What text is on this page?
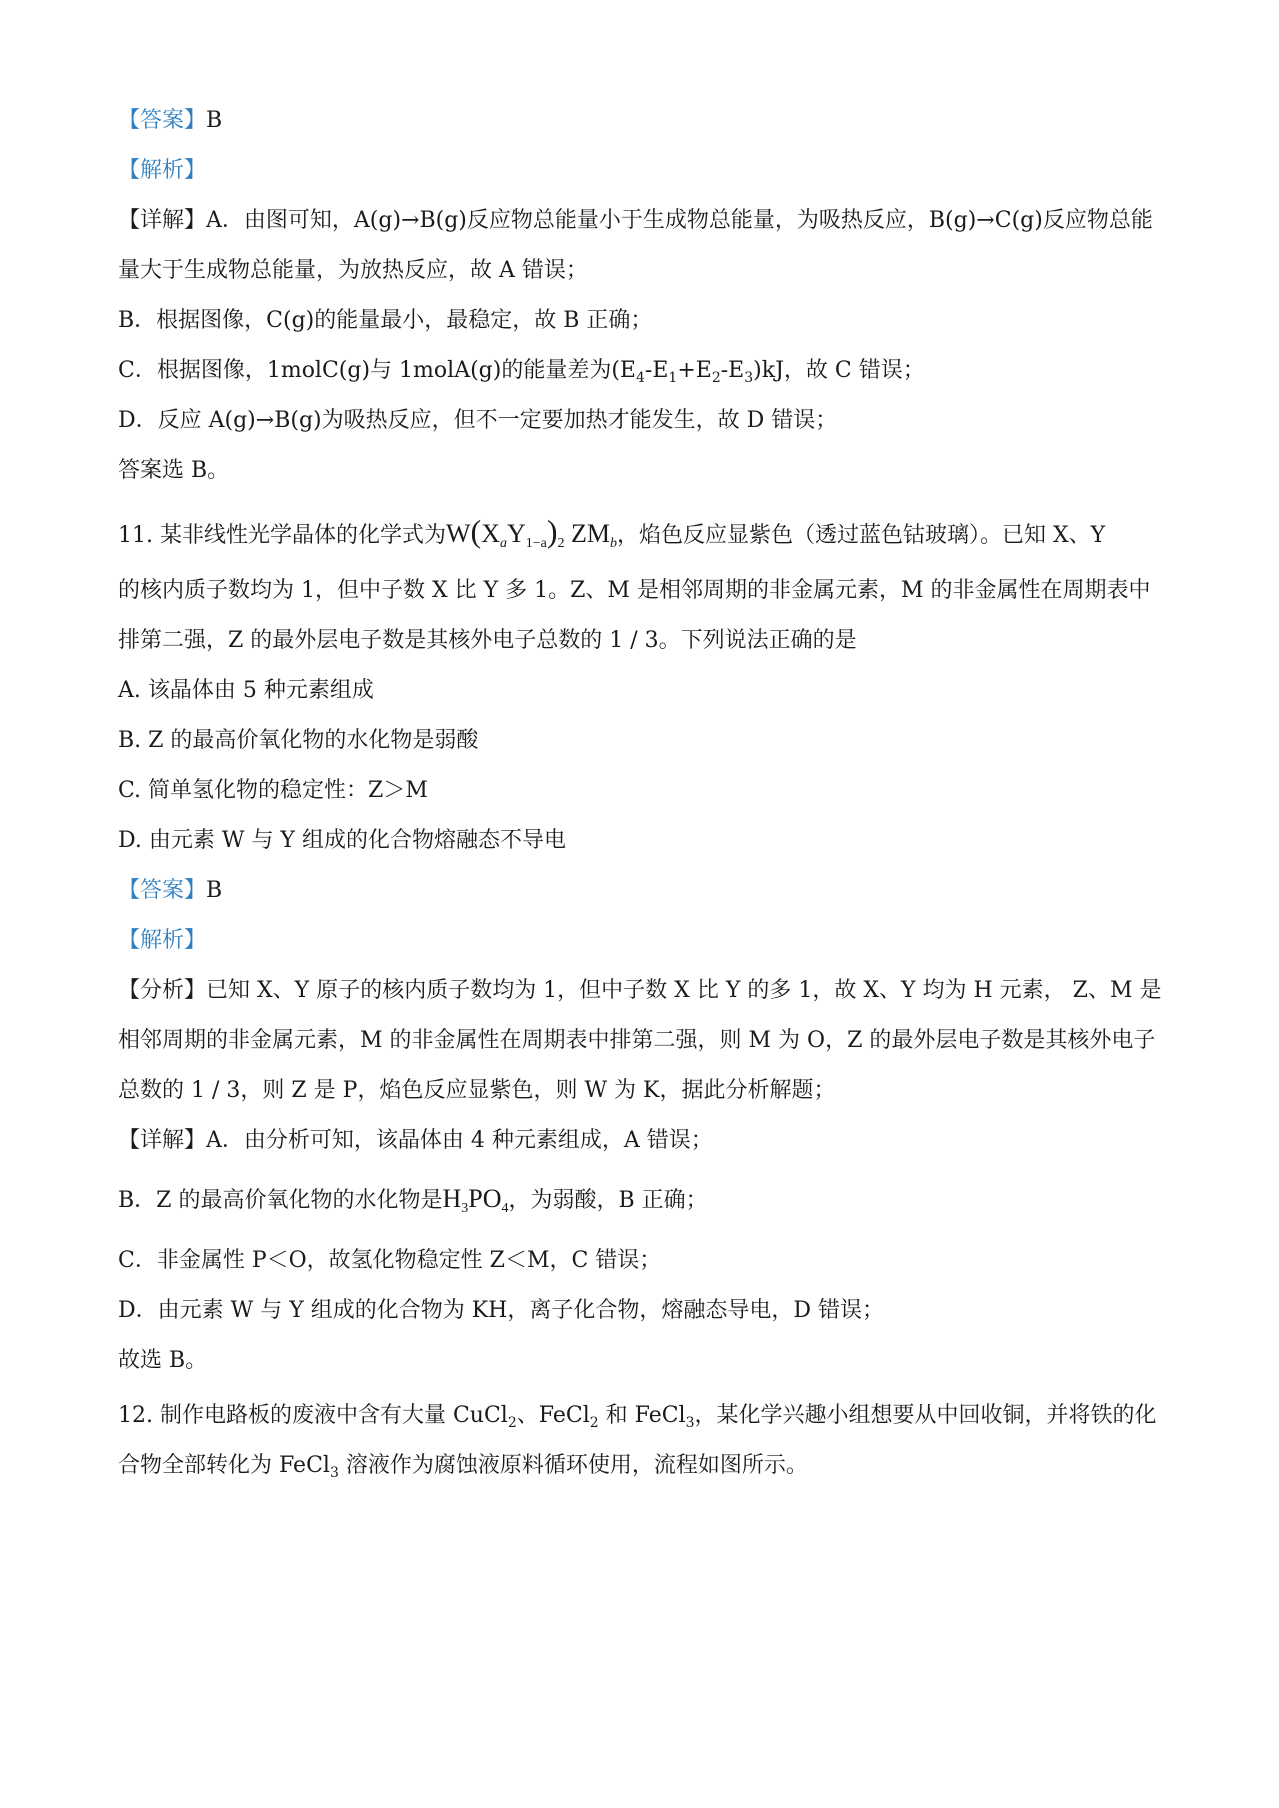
【答案】B
【解析】
【详解】A．由图可知，A(g)→B(g)反应物总能量小于生成物总能量，为吸热反应，B(g)→C(g)反应物总能
量大于生成物总能量，为放热反应，故 A 错误；
B．根据图像，C(g)的能量最小，最稳定，故 B 正确；
C．根据图像，1molC(g)与 1molA(g)的能量差为$(E_4-E_1+E_2-E_3)kJ$，故 C 错误；
D．反应 A(g)→B(g)为吸热反应，但不一定要加热才能发生，故 D 错误；
答案选 B。
11. 某非线性光学晶体的化学式为$W(X_aY_{1-a})_2$ $ZM_b$，焰色反应显紫色（透过蓝色钴玻璃）。已知 X、Y
的核内质子数均为 1，但中子数 X 比 Y 多 1。Z、M 是相邻周期的非金属元素，M 的非金属性在周期表中
排第二强，Z 的最外层电子数是其核外电子总数的 1 / 3。下列说法正确的是
A. 该晶体由 5 种元素组成
B. Z 的最高价氧化物的水化物是弱酸
C. 简单氢化物的稳定性：Z＞M
D. 由元素 W 与 Y 组成的化合物熔融态不导电
【答案】B
【解析】
【分析】已知 X、Y 原子的核内质子数均为 1，但中子数 X 比 Y 的多 1，故 X、Y 均为 H 元素， Z、M 是
相邻周期的非金属元素，M 的非金属性在周期表中排第二强，则 M 为 O，Z 的最外层电子数是其核外电子
总数的 1 / 3，则 Z 是 P，焰色反应显紫色，则 W 为 K，据此分析解题；
【详解】A．由分析可知，该晶体由 4 种元素组成，A 错误；
B．Z 的最高价氧化物的水化物是$H_3PO_4$，为弱酸，B 正确；
C．非金属性 P＜O，故氢化物稳定性 Z＜M，C 错误；
D．由元素 W 与 Y 组成的化合物为 KH，离子化合物，熔融态导电，D 错误；
故选 B。
12. 制作电路板的废液中含有大量 CuCl$_2$、FeCl$_2$ 和 FeCl$_3$，某化学兴趣小组想要从中回收铜，并将铁的化
合物全部转化为 FeCl$_3$ 溶液作为腐蚀液原料循环使用，流程如图所示。
